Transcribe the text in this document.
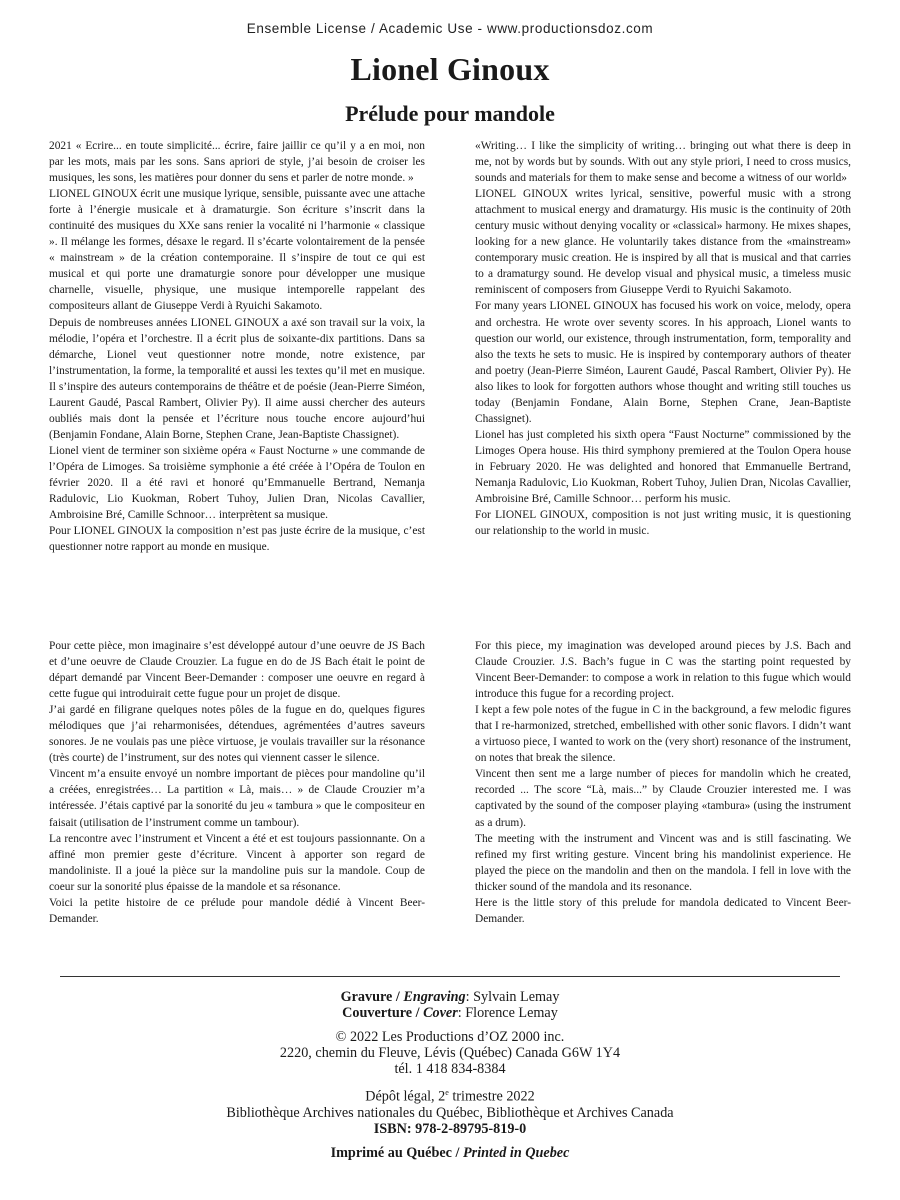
Ensemble License / Academic Use - www.productionsdoz.com
Lionel Ginoux
Prélude pour mandole

2021 « Ecrire... en toute simplicité... écrire, faire jaillir ce qu’il y a en moi, non par les mots, mais par les sons. Sans apriori de style, j’ai besoin de croiser les musiques, les sons, les matières pour donner du sens et parler de notre monde. »

LIONEL GINOUX écrit une musique lyrique, sensible, puissante avec une attache forte à l’énergie musicale et à dramaturgie. Son écriture s’inscrit dans la continuité des musiques du XXe sans renier la vocalité ni l’harmonie « classique ». Il mélange les formes, désaxe le regard. Il s’écarte volontairement de la pensée « mainstream » de la création contemporaine. Il s’inspire de tout ce qui est musical et qui porte une dramaturgie sonore pour développer une musique charnelle, visuelle, physique, une musique intemporelle rappelant des compositeurs allant de Giuseppe Verdi à Ryuichi Sakamoto.

Depuis de nombreuses années LIONEL GINOUX a axé son travail sur la voix, la mélodie, l’opéra et l’orchestre. Il a écrit plus de soixante-dix partitions. Dans sa démarche, Lionel veut questionner notre monde, notre existence, par l’instrumentation, la forme, la temporalité et aussi les textes qu’il met en musique. Il s’inspire des auteurs contemporains de théâtre et de poésie (Jean-Pierre Siméon, Laurent Gaudé, Pascal Rambert, Olivier Py). Il aime aussi chercher des auteurs oubliés mais dont la pensée et l’écriture nous touche encore aujourd’hui (Benjamin Fondane, Alain Borne, Stephen Crane, Jean-Baptiste Chassignet).

Lionel vient de terminer son sixième opéra « Faust Nocturne » une commande de l’Opéra de Limoges. Sa troisième symphonie a été créée à l’Opéra de Toulon en février 2020. Il a été ravi et honoré qu’Emmanuelle Bertrand, Nemanja Radulovic, Lio Kuokman, Robert Tuhoy, Julien Dran, Nicolas Cavallier, Ambroisine Bré, Camille Schnoor… interprètent sa musique.

Pour LIONEL GINOUX la composition n’est pas juste écrire de la musique, c’est questionner notre rapport au monde en musique.

«Writing… I like the simplicity of writing… bringing out what there is deep in me, not by words but by sounds. With out any style priori, I need to cross musics, sounds and materials for them to make sense and become a witness of our world»

LIONEL GINOUX writes lyrical, sensitive, powerful music with a strong attachment to musical energy and dramaturgy. His music is the continuity of 20th century music without denying vocality or «classical» harmony. He mixes shapes, looking for a new glance. He voluntarily takes distance from the «mainstream» contemporary music creation. He is inspired by all that is musical and that carries to a dramaturgy sound. He develop visual and physical music, a timeless music reminiscent of composers from Giuseppe Verdi to Ryuichi Sakamoto.

For many years LIONEL GINOUX has focused his work on voice, melody, opera and orchestra. He wrote over seventy scores. In his approach, Lionel wants to question our world, our existence, through instrumentation, form, temporality and also the texts he sets to music. He is inspired by contemporary authors of theater and poetry (Jean-Pierre Siméon, Laurent Gaudé, Pascal Rambert, Olivier Py). He also likes to look for forgotten authors whose thought and writing still touches us today (Benjamin Fondane, Alain Borne, Stephen Crane, Jean-Baptiste Chassignet).

Lionel has just completed his sixth opera “Faust Nocturne” commissioned by the Limoges Opera house. His third symphony premiered at the Toulon Opera house in February 2020. He was delighted and honored that Emmanuelle Bertrand, Nemanja Radulovic, Lio Kuokman, Robert Tuhoy, Julien Dran, Nicolas Cavallier, Ambroisine Bré, Camille Schnoor… perform his music.

For LIONEL GINOUX, composition is not just writing music, it is questioning our relationship to the world in music.

Pour cette pièce, mon imaginaire s’est développé autour d’une oeuvre de JS Bach et d’une oeuvre de Claude Crouzier. La fugue en do de JS Bach était le point de départ demandé par Vincent Beer-Demander : composer une oeuvre en regard à cette fugue qui introduirait cette fugue pour un projet de disque.

J’ai gardé en filigrane quelques notes pôles de la fugue en do, quelques figures mélodiques que j’ai reharmonisées, détendues, agrémentées d’autres saveurs sonores. Je ne voulais pas une pièce virtuose, je voulais travailler sur la résonance (très courte) de l’instrument, sur des notes qui viennent casser le silence.

Vincent m’a ensuite envoyé un nombre important de pièces pour mandoline qu’il a créées, enregistrées… La partition « Là, mais… » de Claude Crouzier m’a intéressée. J’étais captivé par la sonorité du jeu « tambura » que le compositeur en faisait (utilisation de l’instrument comme un tambour).

La rencontre avec l’instrument et Vincent a été et est toujours passionnante. On a affiné mon premier geste d’écriture. Vincent à apporter son regard de mandoliniste. Il a joué la pièce sur la mandoline puis sur la mandole. Coup de coeur sur la sonorité plus épaisse de la mandole et sa résonance.

Voici la petite histoire de ce prélude pour mandole dédié à Vincent Beer-Demander.

For this piece, my imagination was developed around pieces by J.S. Bach and Claude Crouzier. J.S. Bach’s fugue in C was the starting point requested by Vincent Beer-Demander: to compose a work in relation to this fugue which would introduce this fugue for a recording project.

I kept a few pole notes of the fugue in C in the background, a few melodic figures that I re-harmonized, stretched, embellished with other sonic flavors. I didn’t want a virtuoso piece, I wanted to work on the (very short) resonance of the instrument, on notes that break the silence.

Vincent then sent me a large number of pieces for mandolin which he created, recorded ... The score “Là, mais...” by Claude Crouzier interested me. I was captivated by the sound of the composer playing «tambura» (using the instrument as a drum).

The meeting with the instrument and Vincent was and is still fascinating. We refined my first writing gesture. Vincent bring his mandolinist experience. He played the piece on the mandolin and then on the mandola. I fell in love with the thicker sound of the mandola and its resonance.

Here is the little story of this prelude for mandola dedicated to Vincent Beer-Demander.

Gravure / Engraving: Sylvain Lemay
Couverture / Cover: Florence Lemay
© 2022 Les Productions d’OZ 2000 inc.
2220, chemin du Fleuve, Lévis (Québec) Canada G6W 1Y4
tél. 1 418 834-8384
Dépôt légal, 2e trimestre 2022
Bibliothèque Archives nationales du Québec, Bibliothèque et Archives Canada
ISBN: 978-2-89795-819-0
Imprimé au Québec / Printed in Quebec
